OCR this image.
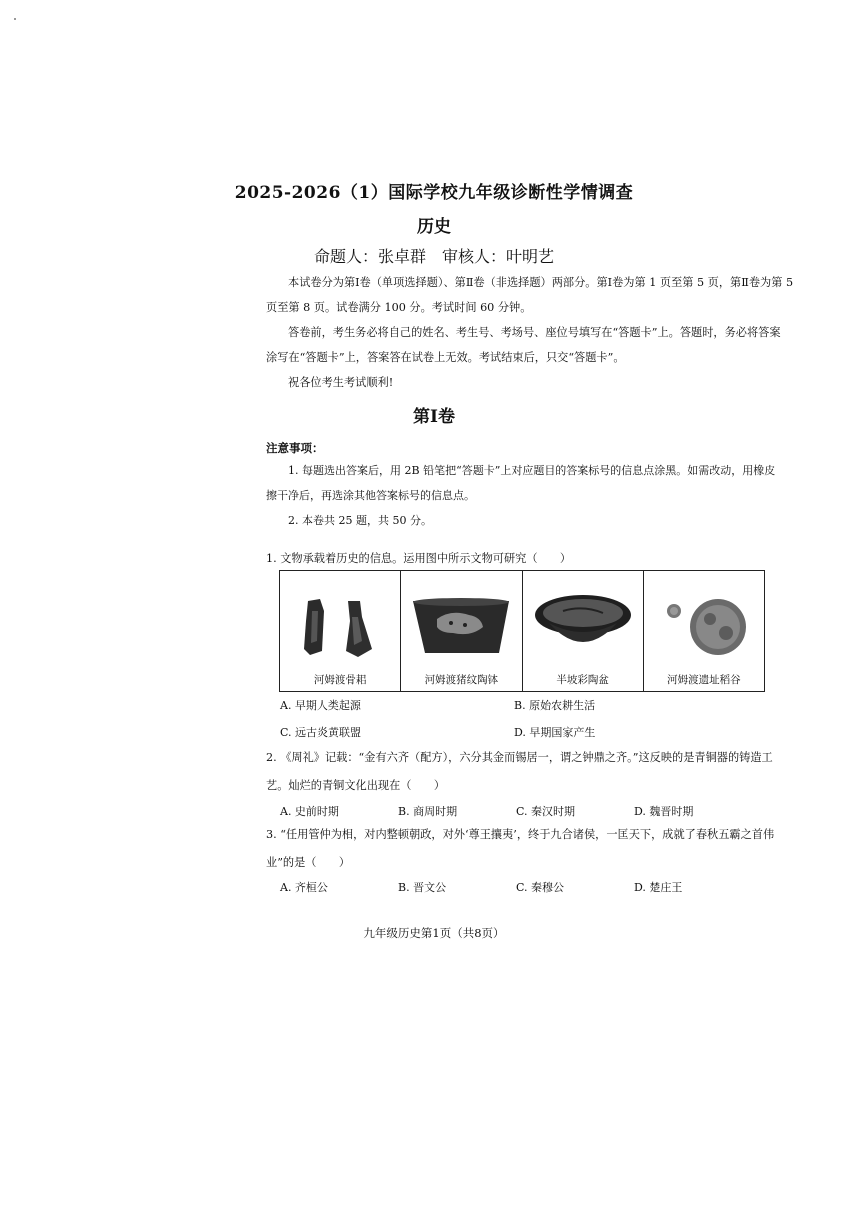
2025-2026（1）国际学校九年级诊断性学情调查
历史
命题人：张卓群　审核人：叶明艺

本试卷分为第Ⅰ卷（单项选择题）、第Ⅱ卷（非选择题）两部分。第Ⅰ卷为第 1 页至第 5 页，第Ⅱ卷为第 5

页至第 8 页。试卷满分 100 分。考试时间 60 分钟。

答卷前，考生务必将自己的姓名、考生号、考场号、座位号填写在“答题卡”上。答题时，务必将答案

涂写在“答题卡”上，答案答在试卷上无效。考试结束后，只交“答题卡”。

祝各位考生考试顺利!

第Ⅰ卷
注意事项：

1. 每题选出答案后，用 2B 铅笔把“答题卡”上对应题目的答案标号的信息点涂黑。如需改动，用橡皮

擦干净后，再选涂其他答案标号的信息点。

2. 本卷共 25 题，共 50 分。

1. 文物承载着历史的信息。运用图中所示文物可研究（　　）

河姆渡骨耜	河姆渡猪纹陶钵	半坡彩陶盆	河姆渡遗址稻谷
A. 早期人类起源	B. 原始农耕生活
C. 远古炎黄联盟	D. 早期国家产生

2. 《周礼》记载：“金有六齐（配方），六分其金而锡居一，谓之钟鼎之齐。”这反映的是青铜器的铸造工

艺。灿烂的青铜文化出现在（　　）

A. 史前时期	B. 商周时期	C. 秦汉时期	D. 魏晋时期

3. “任用管仲为相，对内整顿朝政，对外‘尊王攘夷’，终于九合诸侯，一匡天下，成就了春秋五霸之首伟

业”的是（　　）

A. 齐桓公	B. 晋文公	C. 秦穆公	D. 楚庄王
九年级历史第1页（共8页）
